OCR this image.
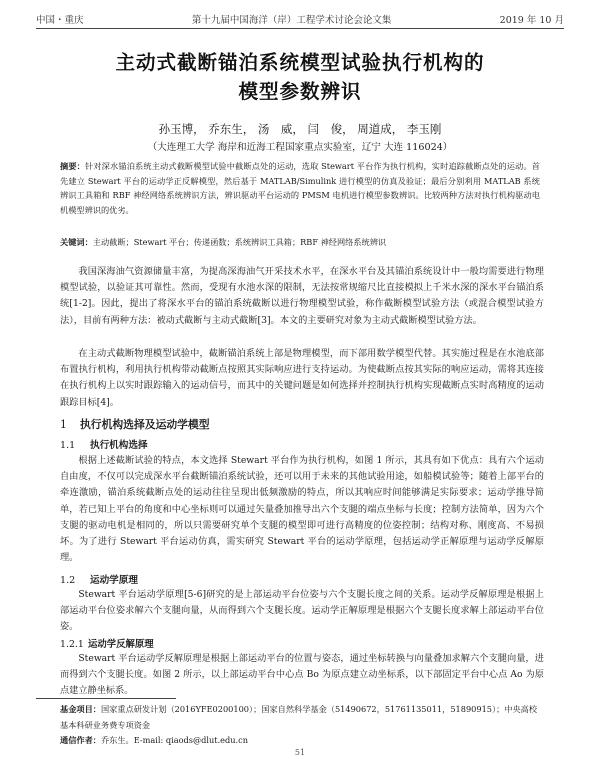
中国・重庆	第十九届中国海洋（岸）工程学术讨论会论文集	2019 年 10 月
主动式截断锚泊系统模型试验执行机构的
模型参数辨识
孙玉博， 乔东生， 汤　威， 闫　俊， 周道成， 李玉刚
（大连理工大学 海岸和近海工程国家重点实验室，辽宁 大连 116024）

摘要：针对深水锚泊系统主动式截断模型试验中截断点处的运动，选取 Stewart 平台作为执行机构，实时追踪截断点处的运动。首先建立 Stewart 平台的运动学正反解模型，然后基于 MATLAB/Simulink 进行模型的仿真及验证；最后分别利用 MATLAB 系统辨识工具箱和 RBF 神经网络系统辨识方法，辨识驱动平台运动的 PMSM 电机进行模型参数辨识。比较两种方法对执行机构驱动电机模型辨识的优劣。

关键词：主动截断；Stewart 平台；传递函数；系统辨识工具箱；RBF 神经网络系统辨识

我国深海油气资源储量丰富，为提高深海油气开采技术水平，在深水平台及其锚泊系统设计中一般均需要进行物理模型试验，以验证其可靠性。然而，受现有水池水深的限制，无法按常规缩尺比直接模拟上千米水深的深水平台锚泊系统[1-2]。因此，提出了将深水平台的锚泊系统截断以进行物理模型试验，称作截断模型试验方法（或混合模型试验方法），目前有两种方法：被动式截断与主动式截断[3]。本文的主要研究对象为主动式截断模型试验方法。

在主动式截断物理模型试验中，截断锚泊系统上部是物理模型，而下部用数学模型代替。其实施过程是在水池底部布置执行机构，利用执行机构带动截断点按照其实际响应进行支持运动。为使截断点按其实际的响应运动，需将其连接在执行机构上以实时跟踪输入的运动信号，而其中的关键问题是如何选择并控制执行机构实现截断点实时高精度的运动跟踪目标[4]。

1 执行机构选择及运动学模型
1.1 执行机构选择

根据上述截断试验的特点，本文选择 Stewart 平台作为执行机构，如图 1 所示，其具有如下优点：具有六个运动自由度，不仅可以完成深水平台截断锚泊系统试验，还可以用于未来的其他试验用途，如船模试验等；随着上部平台的牵连激励，锚泊系统截断点处的运动往往呈现出低频激励的特点，所以其响应时间能够满足实际要求；运动学推导简单，若已知上平台的角度和中心坐标则可以通过矢量叠加推导出六个支腿的端点坐标与长度；控制方法简单，因为六个支腿的驱动电机是相同的，所以只需要研究单个支腿的模型即可进行高精度的位姿控制；结构对称、刚度高、不易损坏。为了进行 Stewart 平台运动仿真，需实研究 Stewart 平台的运动学原理，包括运动学正解原理与运动学反解原理。

1.2 运动学原理

Stewart 平台运动学原理[5-6]研究的是上部运动平台位姿与六个支腿长度之间的关系。运动学反解原理是根据上部运动平台位姿求解六个支腿向量，从而得到六个支腿长度。运动学正解原理是根据六个支腿长度求解上部运动平台位姿。

1.2.1 运动学反解原理

Stewart 平台运动学反解原理是根据上部运动平台的位置与姿态，通过坐标转换与向量叠加求解六个支腿向量，进而得到六个支腿长度。如图 2 所示，以上部运动平台中心点 Bo 为原点建立动坐标系，以下部固定平台中心点 Ao 为原点建立静坐标系。

基金项目：国家重点研发计划（2016YFE0200100）；国家自然科学基金（51490672，51761135011，51890915）；中央高校基本科研业务费专项资金
通信作者：乔东生。E-mail: qiaods@dlut.edu.cn

51
